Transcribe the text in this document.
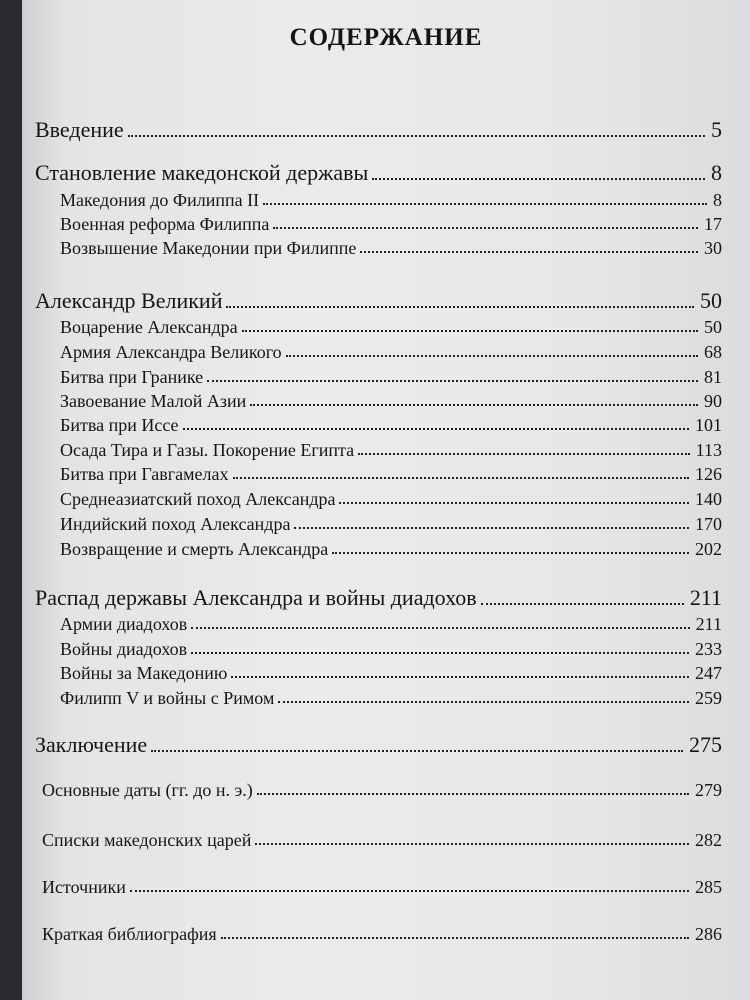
СОДЕРЖАНИЕ
Введение	5
Становление македонской державы	8
Македония до Филиппа II	8
Военная реформа Филиппа	17
Возвышение Македонии при Филиппе	30
Александр Великий	50
Воцарение Александра	50
Армия Александра Великого	68
Битва при Гранике	81
Завоевание Малой Азии	90
Битва при Иссе	101
Осада Тира и Газы. Покорение Египта	113
Битва при Гавгамелах	126
Среднеазиатский поход Александра	140
Индийский поход Александра	170
Возвращение и смерть Александра	202
Распад державы Александра и войны диадохов	211
Армии диадохов	211
Войны диадохов	233
Войны за Македонию	247
Филипп V и войны с Римом	259
Заключение	275
Основные даты (гг. до н. э.)	279
Списки македонских царей	282
Источники	285
Краткая библиография	286
